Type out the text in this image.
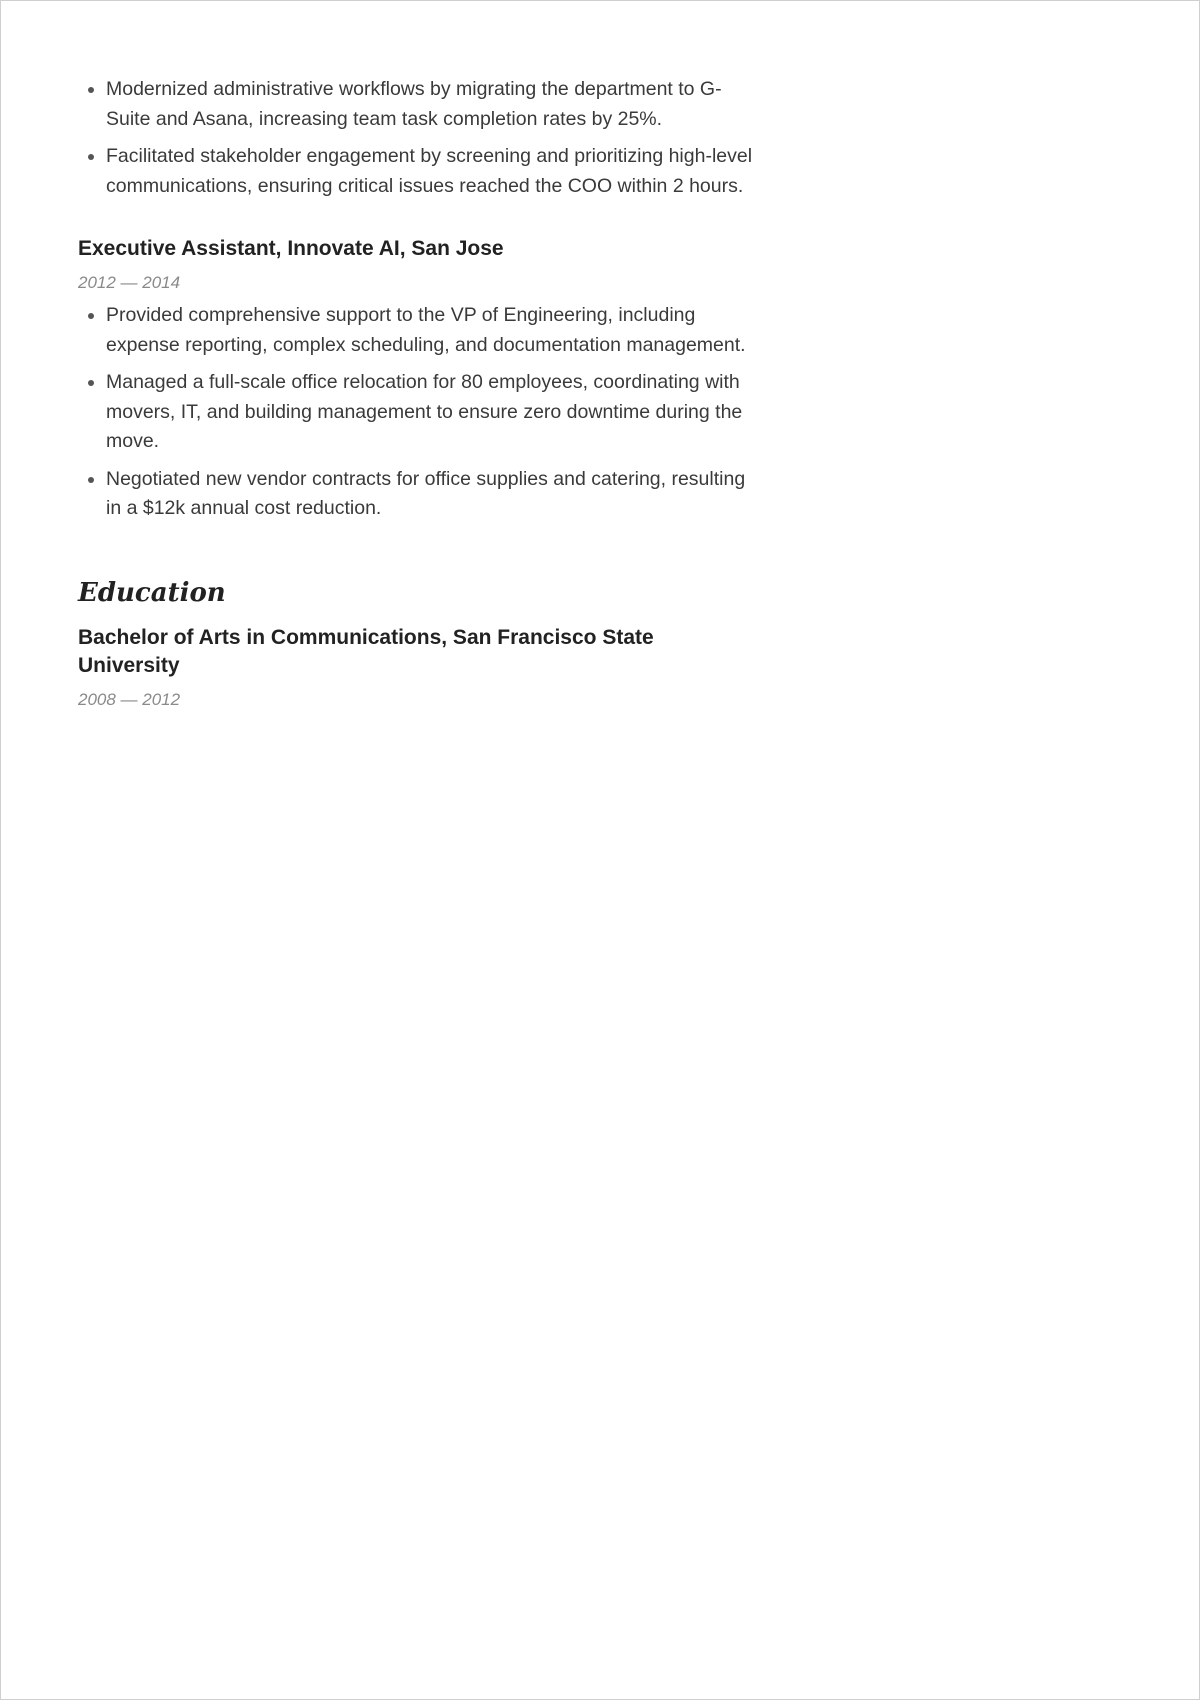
• Modernized administrative workflows by migrating the department to G-Suite and Asana, increasing team task completion rates by 25%.
• Facilitated stakeholder engagement by screening and prioritizing high-level communications, ensuring critical issues reached the COO within 2 hours.
Executive Assistant, Innovate AI, San Jose
2012 — 2014
• Provided comprehensive support to the VP of Engineering, including expense reporting, complex scheduling, and documentation management.
• Managed a full-scale office relocation for 80 employees, coordinating with movers, IT, and building management to ensure zero downtime during the move.
• Negotiated new vendor contracts for office supplies and catering, resulting in a $12k annual cost reduction.
Education
Bachelor of Arts in Communications, San Francisco State University
2008 — 2012
